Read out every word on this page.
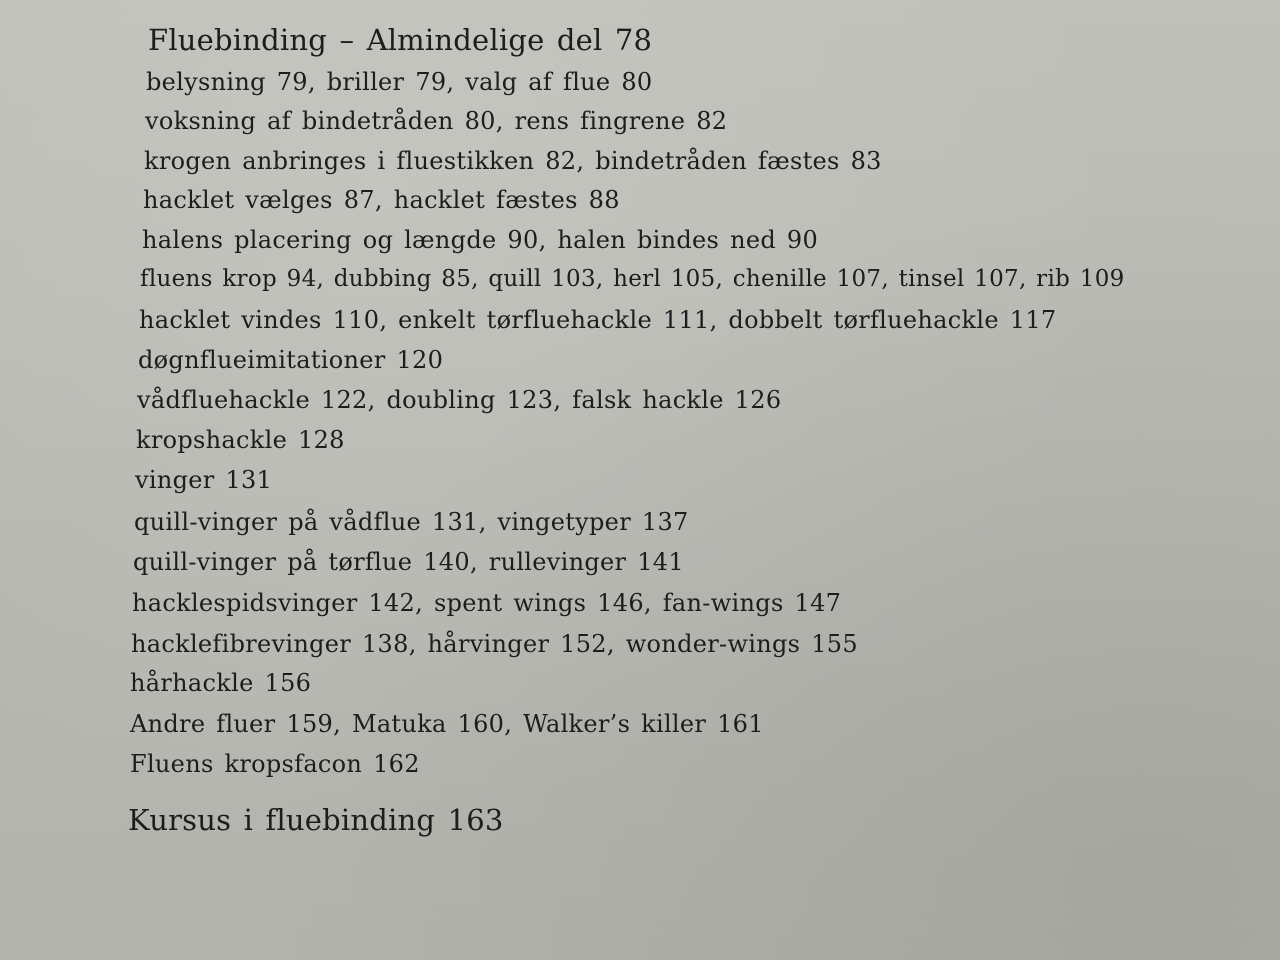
Fluebinding – Almindelige del 78
belysning 79, briller 79, valg af flue 80
voksning af bindetråden 80, rens fingrene 82
krogen anbringes i fluestikken 82, bindetråden fæstes 83
hacklet vælges 87, hacklet fæstes 88
halens placering og længde 90, halen bindes ned 90
fluens krop 94, dubbing 85, quill 103, herl 105, chenille 107, tinsel 107, rib 109
hacklet vindes 110, enkelt tørfluehackle 111, dobbelt tørfluehackle 117
døgnflueimitationer 120
vådfluehackle 122, doubling 123, falsk hackle 126
kropshackle 128
vinger 131
quill-vinger på vådflue 131, vingetyper 137
quill-vinger på tørflue 140, rullevinger 141
hacklespidsvinger 142, spent wings 146, fan-wings 147
hacklefibrevinger 138, hårvinger 152, wonder-wings 155
hårhackle 156
Andre fluer 159, Matuka 160, Walker’s killer 161
Fluens kropsfacon 162
Kursus i fluebinding 163
